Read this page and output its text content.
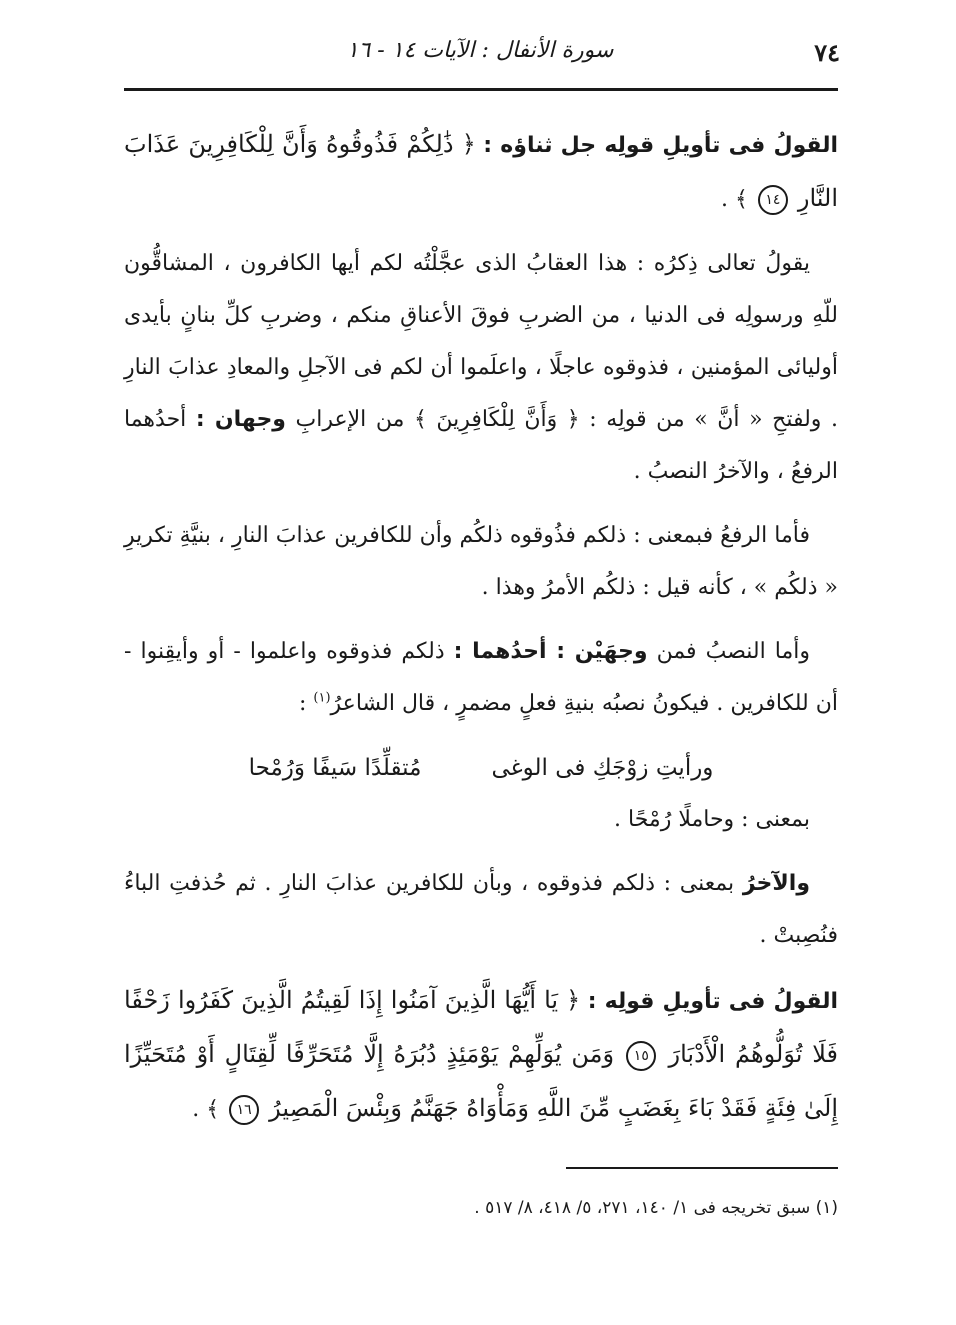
٧٤
سورة الأنفال : الآيات ١٤ - ١٦

القولُ فى تأويلِ قولِه جل ثناؤه : ﴿ ذَٰلِكُمْ فَذُوقُوهُ وَأَنَّ لِلْكَافِرِينَ عَذَابَ النَّارِ ١٤ ﴾ .

يقولُ تعالى ذِكرُه : هذا العقابُ الذى عجَّلْتُه لكم أيها الكافرون ، المشاقُّون للّهِ ورسولِه فى الدنيا ، من الضربِ فوقَ الأعناقِ منكم ، وضربِ كلِّ بنانٍ بأيدى أوليائى المؤمنين ، فذوقوه عاجلًا ، واعلَموا أن لكم فى الآجلِ والمعادِ عذابَ النارِ . ولفتحِ « أنَّ » من قولِه : ﴿ وَأَنَّ لِلْكَافِرِينَ ﴾ من الإعرابِ وجهان : أحدُهما الرفعُ ، والآخرُ النصبُ .

فأما الرفعُ فبمعنى : ذلكم فذُوقوه ذلكُم وأن للكافرين عذابَ النارِ ، بنيَّةِ تكريرِ « ذلكُم » ، كأنه قيل : ذلكُم الأمرُ وهذا .

وأما النصبُ فمن وجهَيْن : أحدُهما : ذلكم فذوقوه واعلموا - أو وأيقِنوا - أن للكافرين . فيكونُ نصبُه بنيةِ فعلٍ مضمرٍ ، قال الشاعرُ$^{(١)}$ :

ورأيتِ زوْجَكِ فى الوغى
مُتقلِّدًا سَيفًا وَرُمْحا

بمعنى : وحاملًا رُمْحًا .

والآخرُ بمعنى : ذلكم فذوقوه ، وبأن للكافرين عذابَ النارِ . ثم حُذفتِ الباءُ فنُصِبتْ .

القولُ فى تأويلِ قولِه : ﴿ يَا أَيُّهَا الَّذِينَ آمَنُوا إِذَا لَقِيتُمُ الَّذِينَ كَفَرُوا زَحْفًا فَلَا تُوَلُّوهُمُ الْأَدْبَارَ ١٥ وَمَن يُوَلِّهِمْ يَوْمَئِذٍ دُبُرَهُ إِلَّا مُتَحَرِّفًا لِّقِتَالٍ أَوْ مُتَحَيِّزًا إِلَىٰ فِئَةٍ فَقَدْ بَاءَ بِغَضَبٍ مِّنَ اللَّهِ وَمَأْوَاهُ جَهَنَّمُ وَبِئْسَ الْمَصِيرُ ١٦ ﴾ .

(١) سبق تخريجه فى ١/ ١٤٠، ٢٧١، ٥/ ٤١٨، ٨/ ٥١٧ .
